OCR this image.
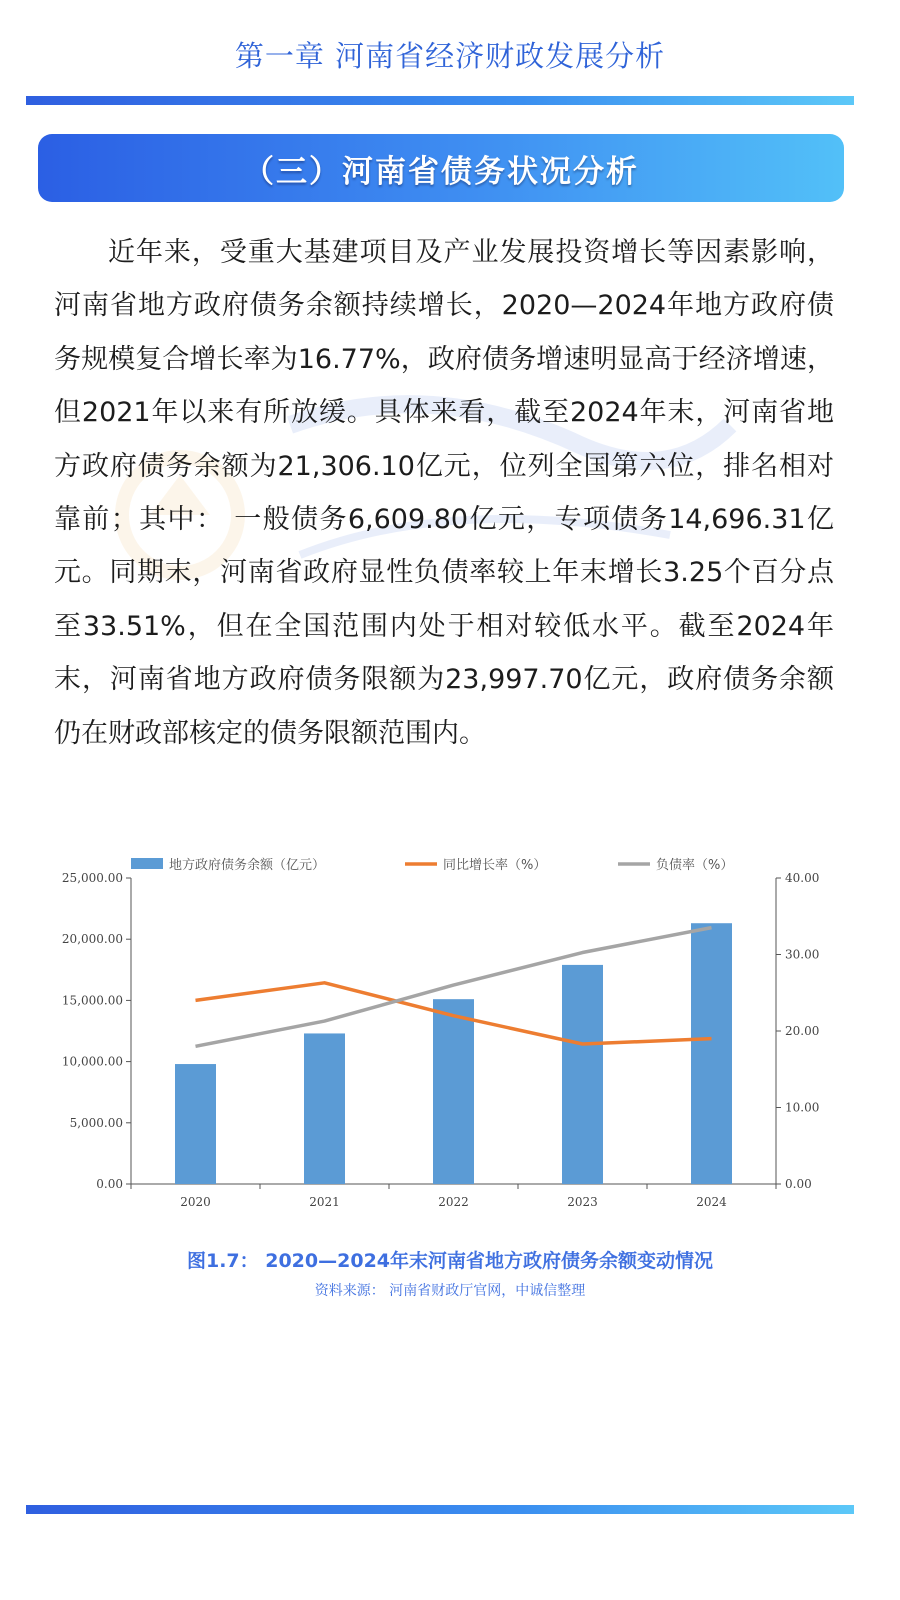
第一章 河南省经济财政发展分析
（三）河南省债务状况分析

近年来，受重大基建项目及产业发展投资增长等因素影响，河南省地方政府债务余额持续增长，2020—2024年地方政府债务规模复合增长率为16.77%，政府债务增速明显高于经济增速，但2021年以来有所放缓。具体来看，截至2024年末，河南省地方政府债务余额为21,306.10亿元，位列全国第六位，排名相对靠前；其中： 一般债务6,609.80亿元，专项债务14,696.31亿元。同期末，河南省政府显性负债率较上年末增长3.25个百分点至33.51%，但在全国范围内处于相对较低水平。截至2024年末，河南省地方政府债务限额为23,997.70亿元，政府债务余额仍在财政部核定的债务限额范围内。

0.00
5,000.00
10,000.00
15,000.00
20,000.00
25,000.00
0.00
10.00
20.00
30.00
40.00
2020	2021	2022	2023	2024
地方政府债务余额（亿元）	同比增长率（%）	负债率（%）
图1.7： 2020—2024年末河南省地方政府债务余额变动情况
资料来源： 河南省财政厅官网，中诚信整理
